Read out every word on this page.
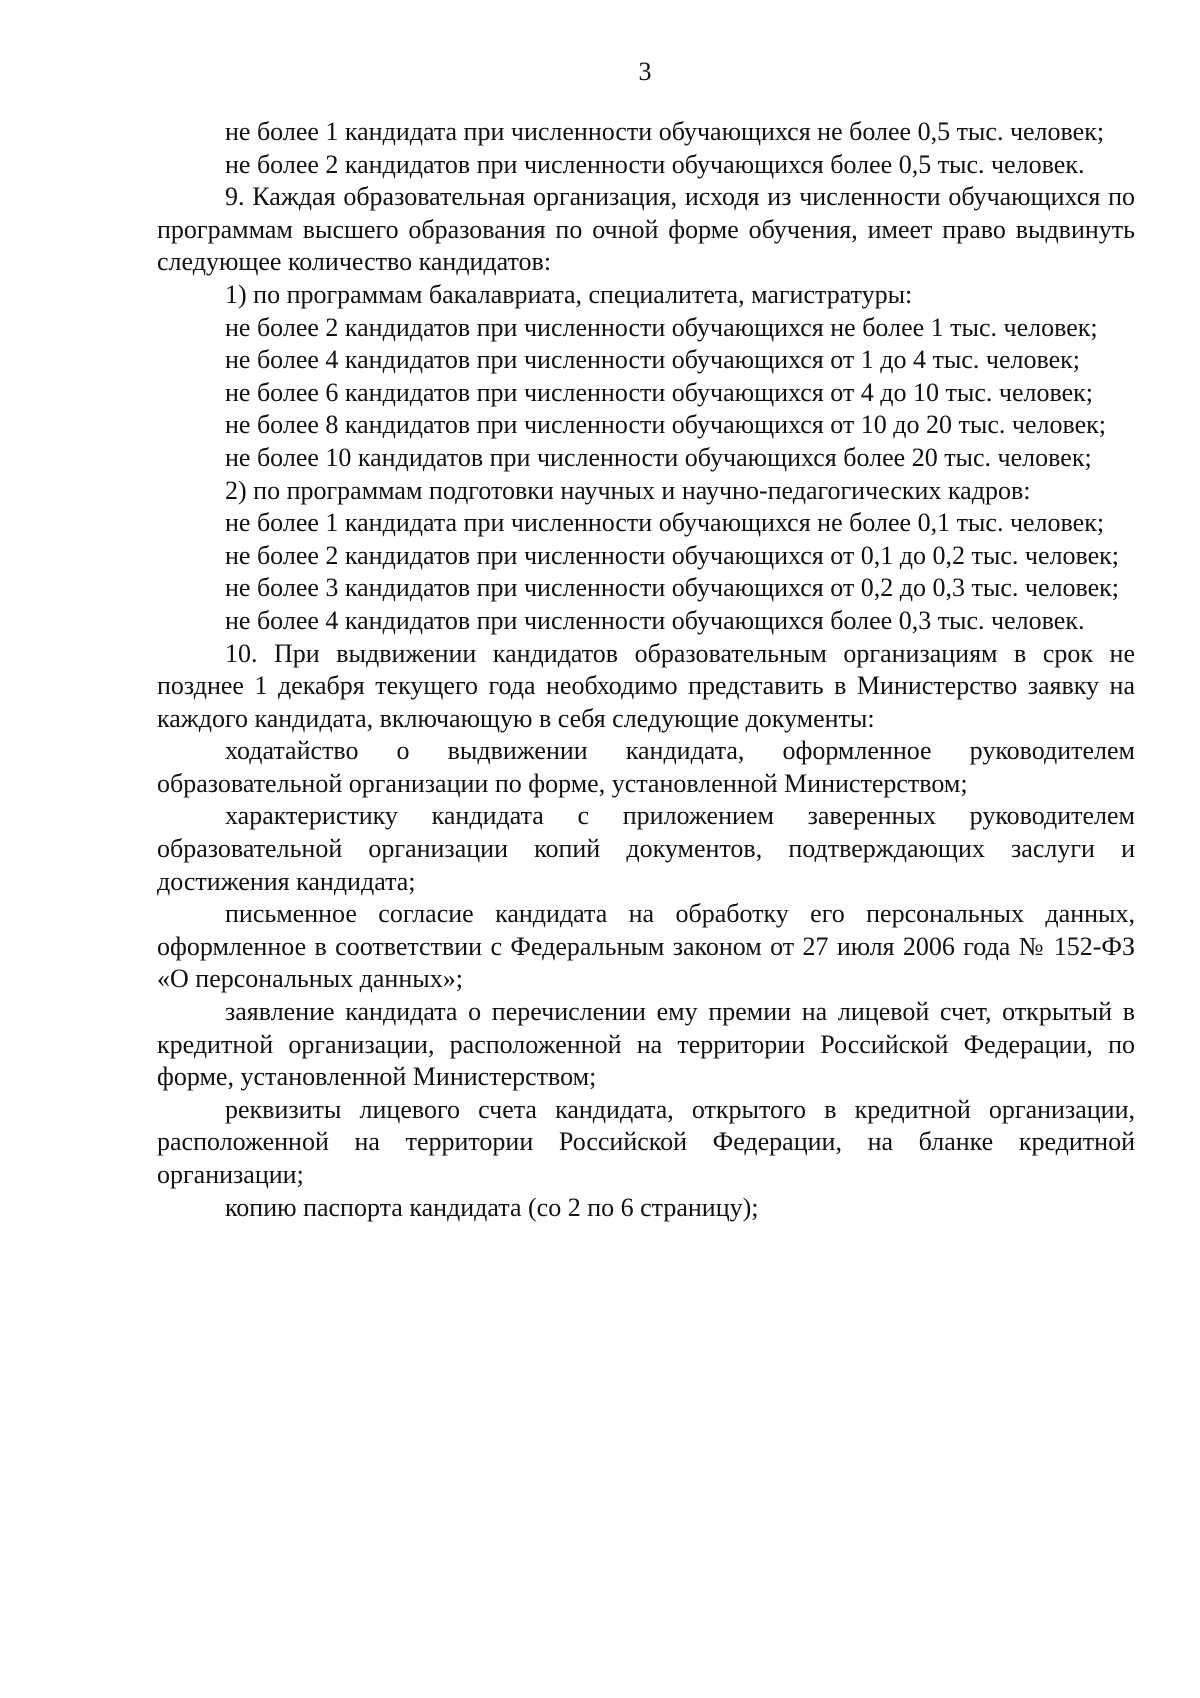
3

не более 1 кандидата при численности обучающихся не более 0,5 тыс. человек;

не более 2 кандидатов при численности обучающихся более 0,5 тыс. человек.

9. Каждая образовательная организация, исходя из численности обучающихся по программам высшего образования по очной форме обучения, имеет право выдвинуть следующее количество кандидатов:

1) по программам бакалавриата, специалитета, магистратуры:

не более 2 кандидатов при численности обучающихся не более 1 тыс. человек;

не более 4 кандидатов при численности обучающихся от 1 до 4 тыс. человек;

не более 6 кандидатов при численности обучающихся от 4 до 10 тыс. человек;

не более 8 кандидатов при численности обучающихся от 10 до 20 тыс. человек;

не более 10 кандидатов при численности обучающихся более 20 тыс. человек;

2) по программам подготовки научных и научно-педагогических кадров:

не более 1 кандидата при численности обучающихся не более 0,1 тыс. человек;

не более 2 кандидатов при численности обучающихся от 0,1 до 0,2 тыс. человек;

не более 3 кандидатов при численности обучающихся от 0,2 до 0,3 тыс. человек;

не более 4 кандидатов при численности обучающихся более 0,3 тыс. человек.

10. При выдвижении кандидатов образовательным организациям в срок не позднее 1 декабря текущего года необходимо представить в Министерство заявку на каждого кандидата, включающую в себя следующие документы:

ходатайство о выдвижении кандидата, оформленное руководителем образовательной организации по форме, установленной Министерством;

характеристику кандидата с приложением заверенных руководителем образовательной организации копий документов, подтверждающих заслуги и достижения кандидата;

письменное согласие кандидата на обработку его персональных данных, оформленное в соответствии с Федеральным законом от 27 июля 2006 года № 152-ФЗ «О персональных данных»;

заявление кандидата о перечислении ему премии на лицевой счет, открытый в кредитной организации, расположенной на территории Российской Федерации, по форме, установленной Министерством;

реквизиты лицевого счета кандидата, открытого в кредитной организации, расположенной на территории Российской Федерации, на бланке кредитной организации;

копию паспорта кандидата (со 2 по 6 страницу);
